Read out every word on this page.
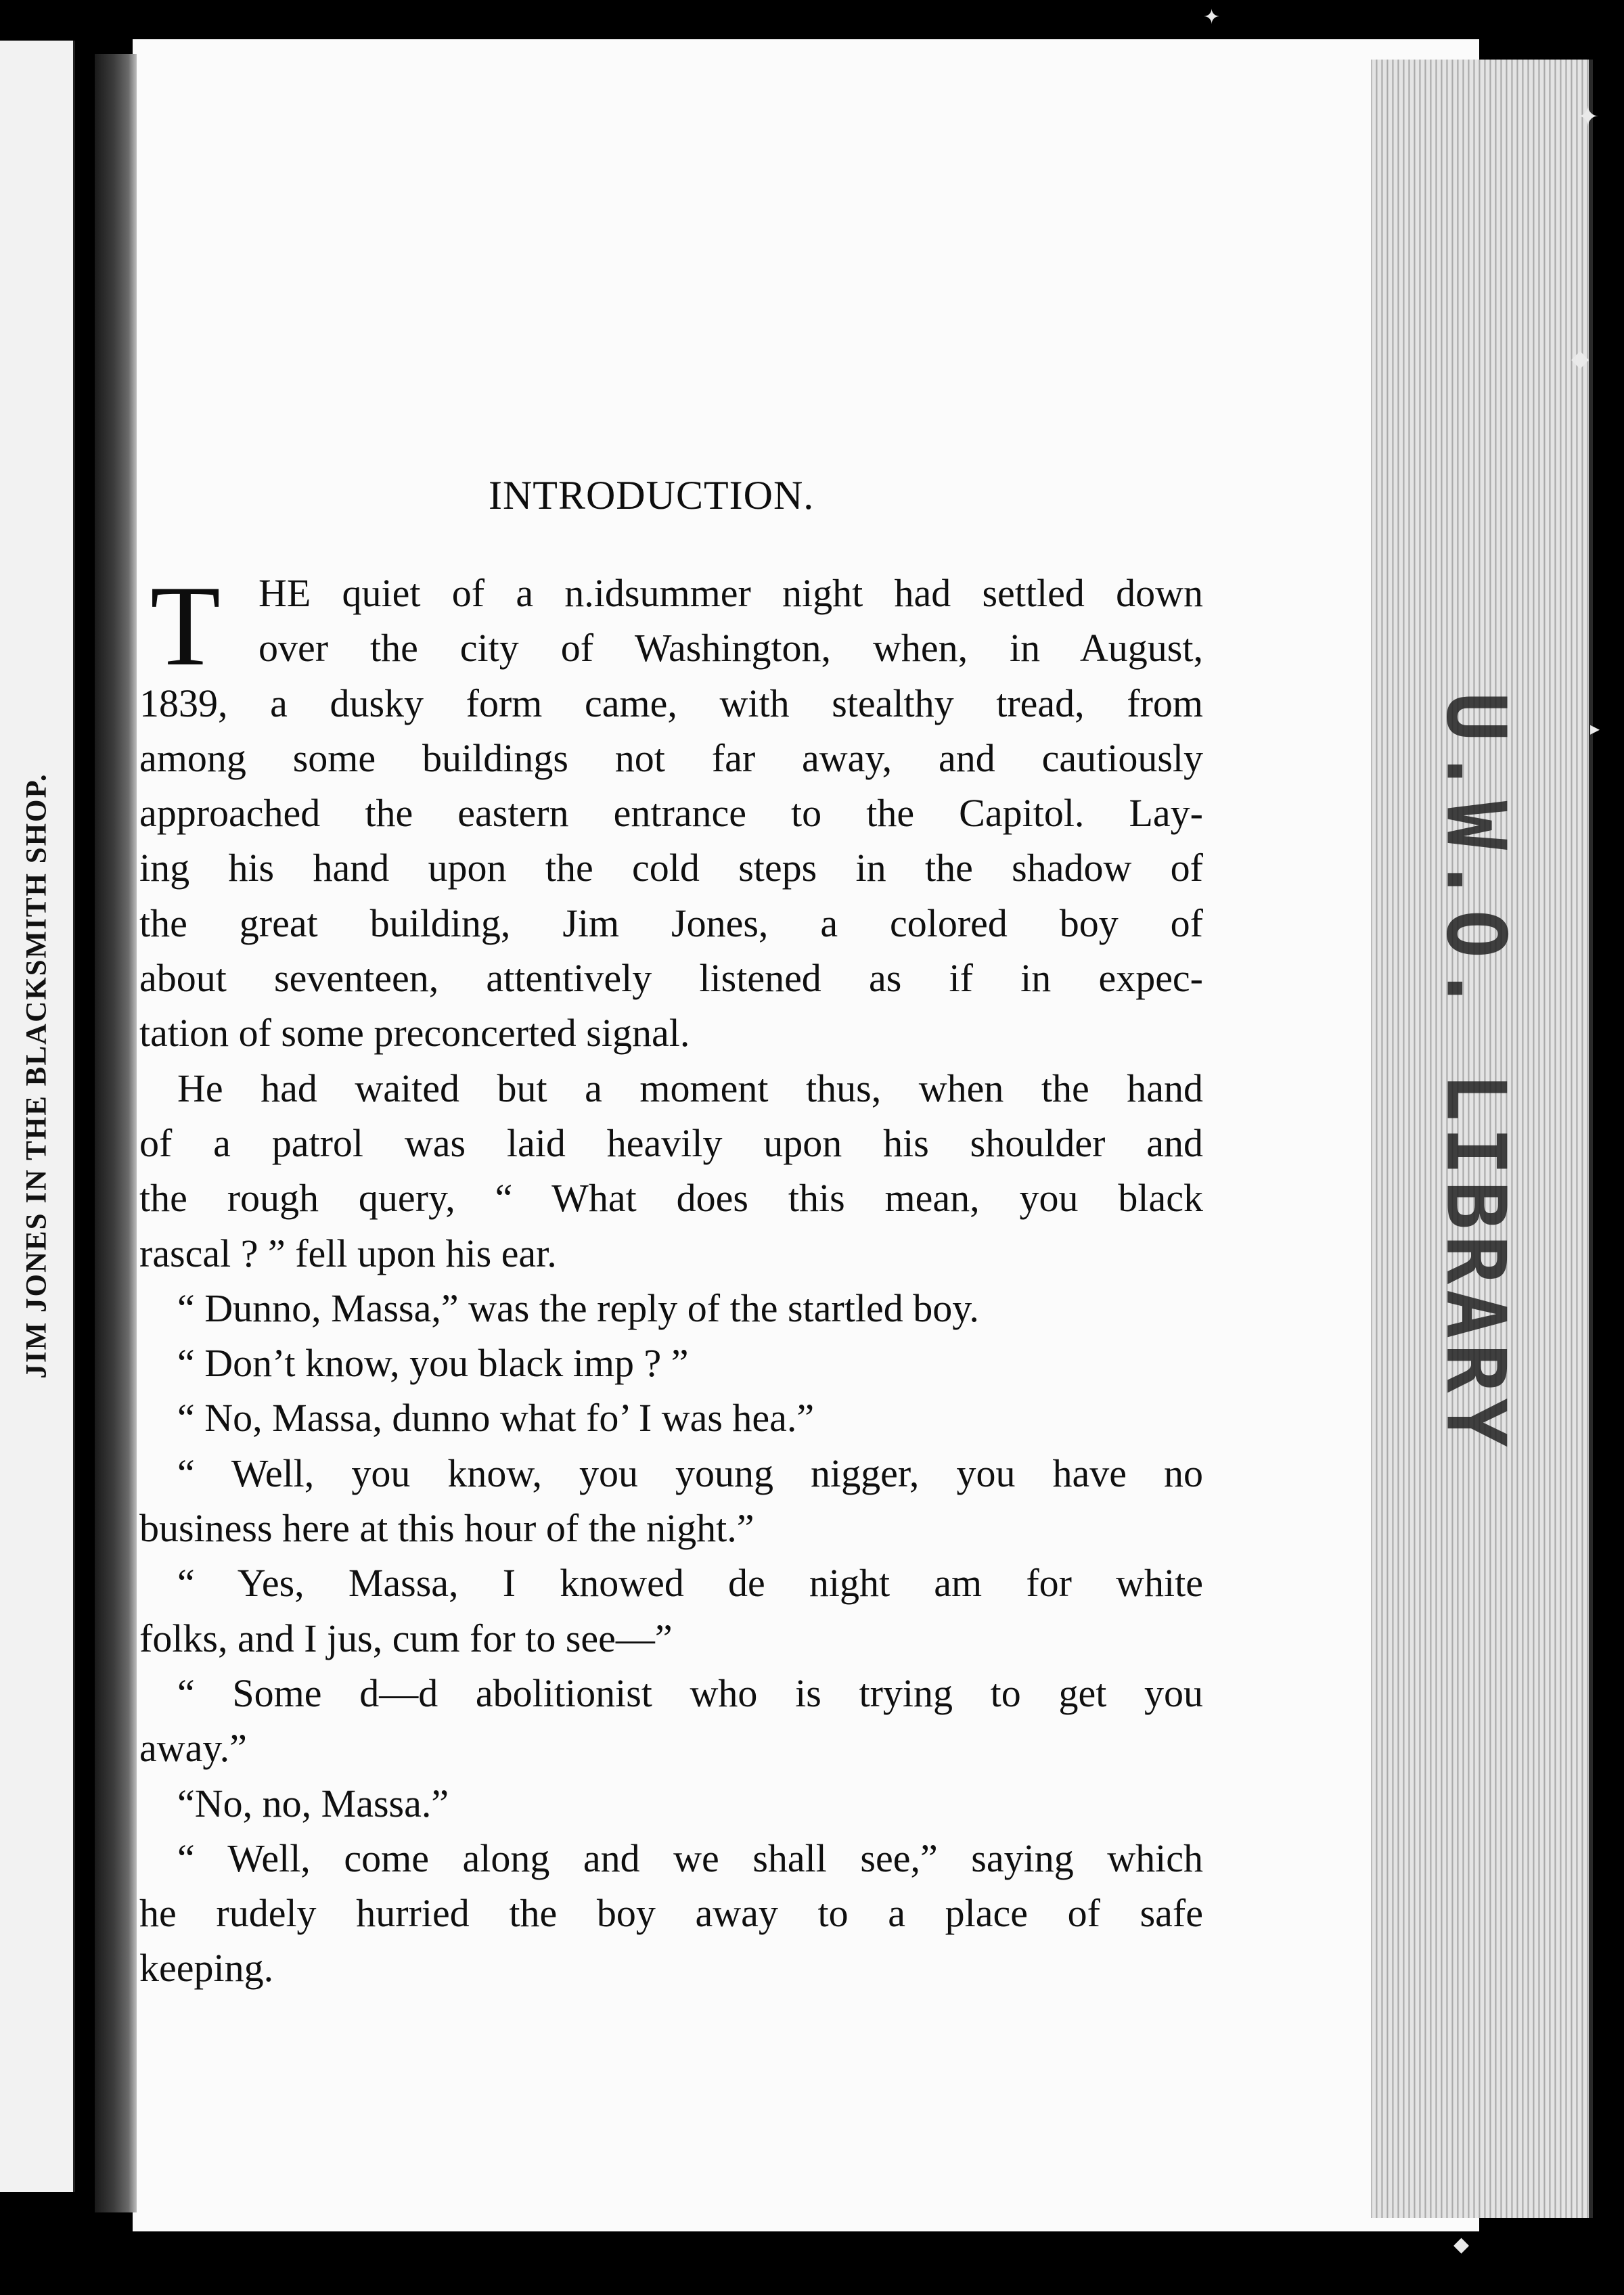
JIM JONES IN THE BLACKSMITH SHOP.	U.W.O. LIBRARY
INTRODUCTION.
T HE quiet of a n.idsummer night had settled down
over the city of Washington, when, in August,
1839, a dusky form came, with stealthy tread, from
among some buildings not far away, and cautiously
approached the eastern entrance to the Capitol. Lay-
ing his hand upon the cold steps in the shadow of
the great building, Jim Jones, a colored boy of
about seventeen, attentively listened as if in expec-
tation of some preconcerted signal.
He had waited but a moment thus, when the hand
of a patrol was laid heavily upon his shoulder and
the rough query, “ What does this mean, you black
rascal ? ” fell upon his ear.
“ Dunno, Massa,” was the reply of the startled boy.
“ Don’t know, you black imp ? ”
“ No, Massa, dunno what fo’ I was hea.”
“ Well, you know, you young nigger, you have no
business here at this hour of the night.”
“ Yes, Massa, I knowed de night am for white
folks, and I jus, cum for to see—”
“ Some d—d abolitionist who is trying to get you
away.”
“No, no, Massa.”
“ Well, come along and we shall see,” saying which
he rudely hurried the boy away to a place of safe
keeping.
✦
◆
▸
✦
◆
